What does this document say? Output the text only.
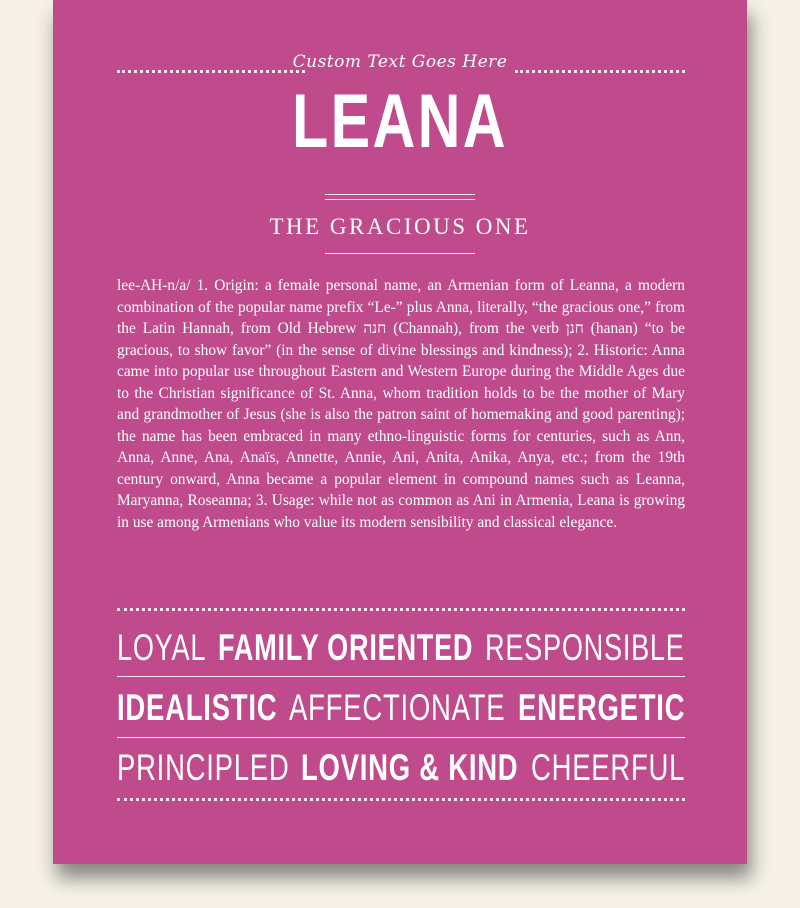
Custom Text Goes Here
LEANA
THE GRACIOUS ONE
lee-AH-n/a/ 1. Origin: a female personal name, an Armenian form of Leanna, a modern combination of the popular name prefix “Le-” plus Anna, literally, “the gracious one,” from the Latin Hannah, from Old Hebrew חנה (Channah), from the verb חנן (hanan) “to be gracious, to show favor” (in the sense of divine blessings and kindness); 2. Historic: Anna came into popular use throughout Eastern and Western Europe during the Middle Ages due to the Christian significance of St. Anna, whom tradition holds to be the mother of Mary and grandmother of Jesus (she is also the patron saint of homemaking and good parenting); the name has been embraced in many ethno-linguistic forms for centuries, such as Ann, Anna, Anne, Ana, Anaïs, Annette, Annie, Ani, Anita, Anika, Anya, etc.; from the 19th century onward, Anna became a popular element in compound names such as Leanna, Maryanna, Roseanna; 3. Usage: while not as common as Ani in Armenia, Leana is growing in use among Armenians who value its modern sensibility and classical elegance.
LOYAL FAMILY ORIENTED RESPONSIBLE
IDEALISTIC AFFECTIONATE ENERGETIC
PRINCIPLED LOVING & KIND CHEERFUL
